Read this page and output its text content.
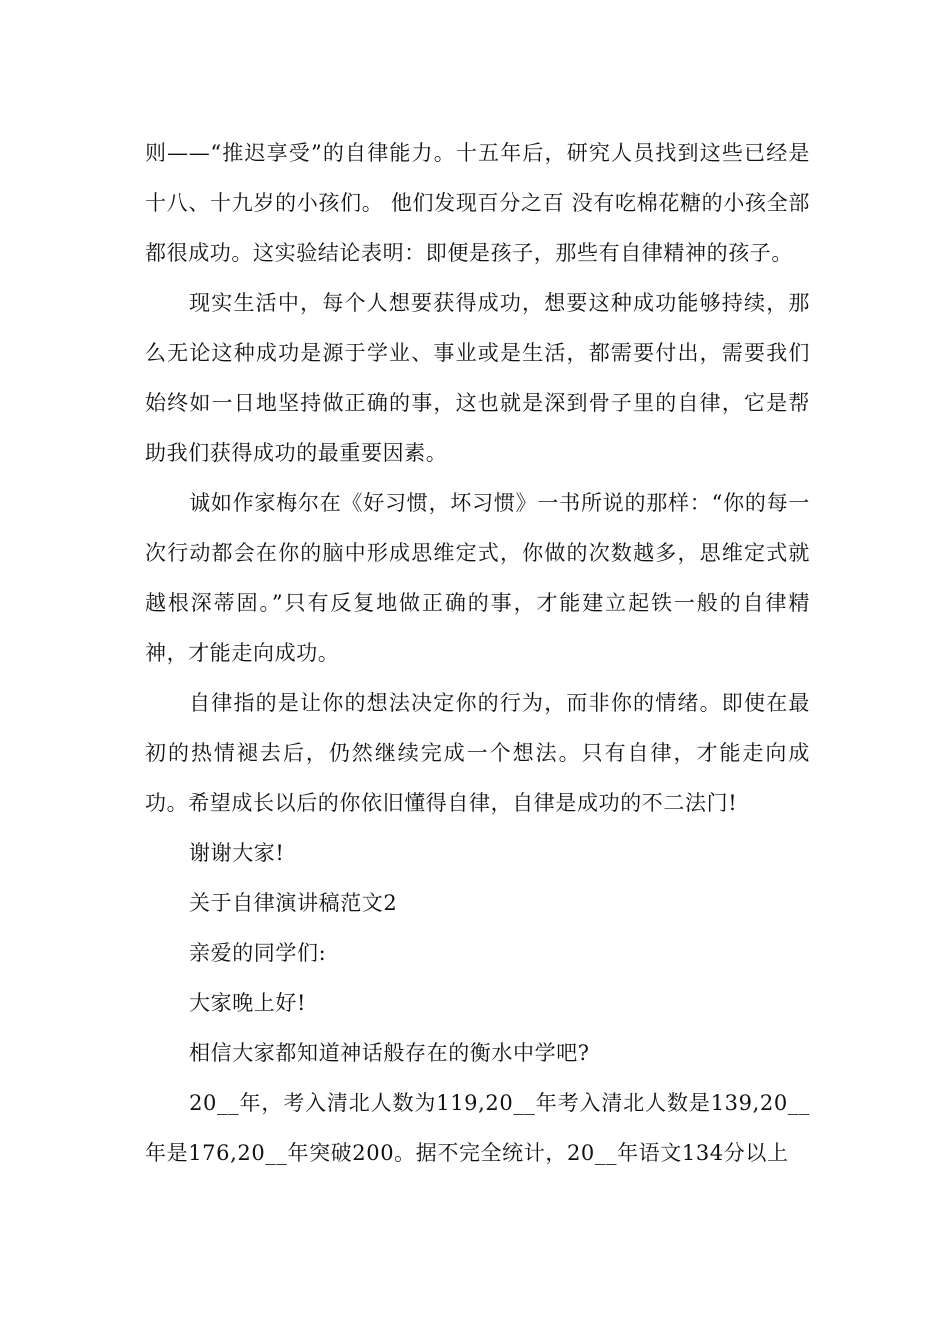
则——“推迟享受”的自律能力。十五年后，研究人员找到这些已经是十八、十九岁的小孩们。 他们发现百分之百 没有吃棉花糖的小孩全部都很成功。这实验结论表明：即便是孩子，那些有自律精神的孩子。

现实生活中，每个人想要获得成功，想要这种成功能够持续，那么无论这种成功是源于学业、事业或是生活，都需要付出，需要我们始终如一日地坚持做正确的事，这也就是深到骨子里的自律，它是帮助我们获得成功的最重要因素。

诚如作家梅尔在《好习惯，坏习惯》一书所说的那样：“你的每一次行动都会在你的脑中形成思维定式，你做的次数越多，思维定式就越根深蒂固。”只有反复地做正确的事，才能建立起铁一般的自律精神，才能走向成功。

自律指的是让你的想法决定你的行为，而非你的情绪。即使在最初的热情褪去后，仍然继续完成一个想法。只有自律，才能走向成功。希望成长以后的你依旧懂得自律，自律是成功的不二法门!

谢谢大家!

关于自律演讲稿范文2

亲爱的同学们:

大家晚上好!

相信大家都知道神话般存在的衡水中学吧?

20__年，考入清北人数为119,20__年考入清北人数是139,20__年是176,20__年突破200。据不完全统计，20__年语文134分以上
